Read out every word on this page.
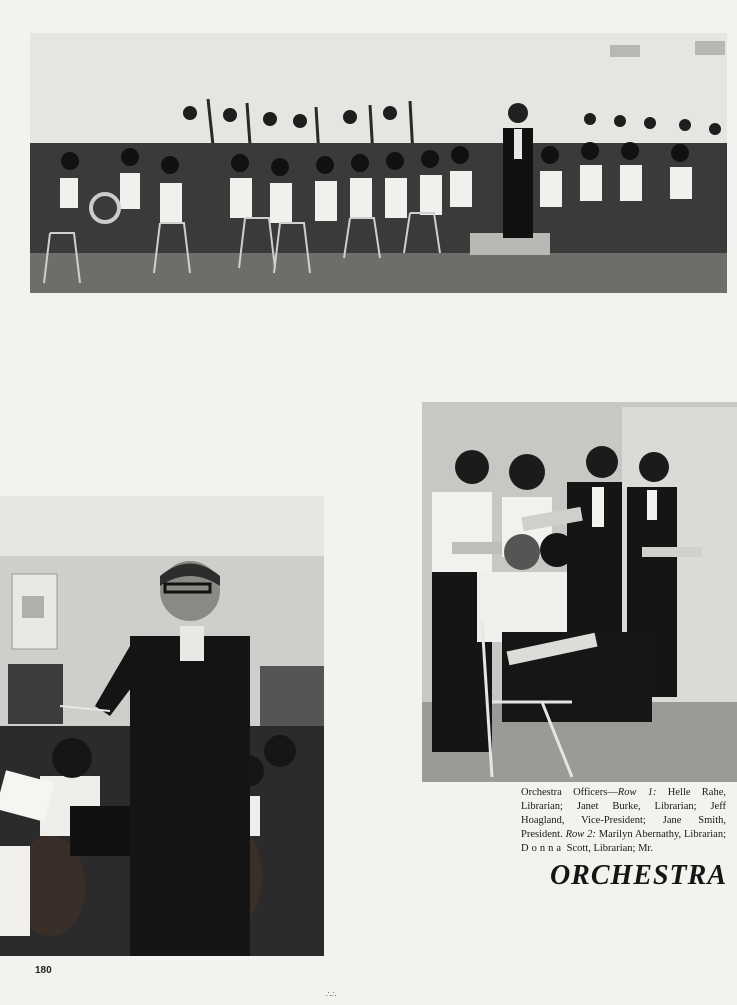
Orchestra Officers—Row 1: Helle Rahe, Librarian; Janet Burke, Librarian; Jeff Hoagland, Vice-President; Jane Smith, President. Row 2: Marilyn Abernathy, Librarian; Donna Scott, Librarian; Mr.
ORCHESTRA
180
∴∴
